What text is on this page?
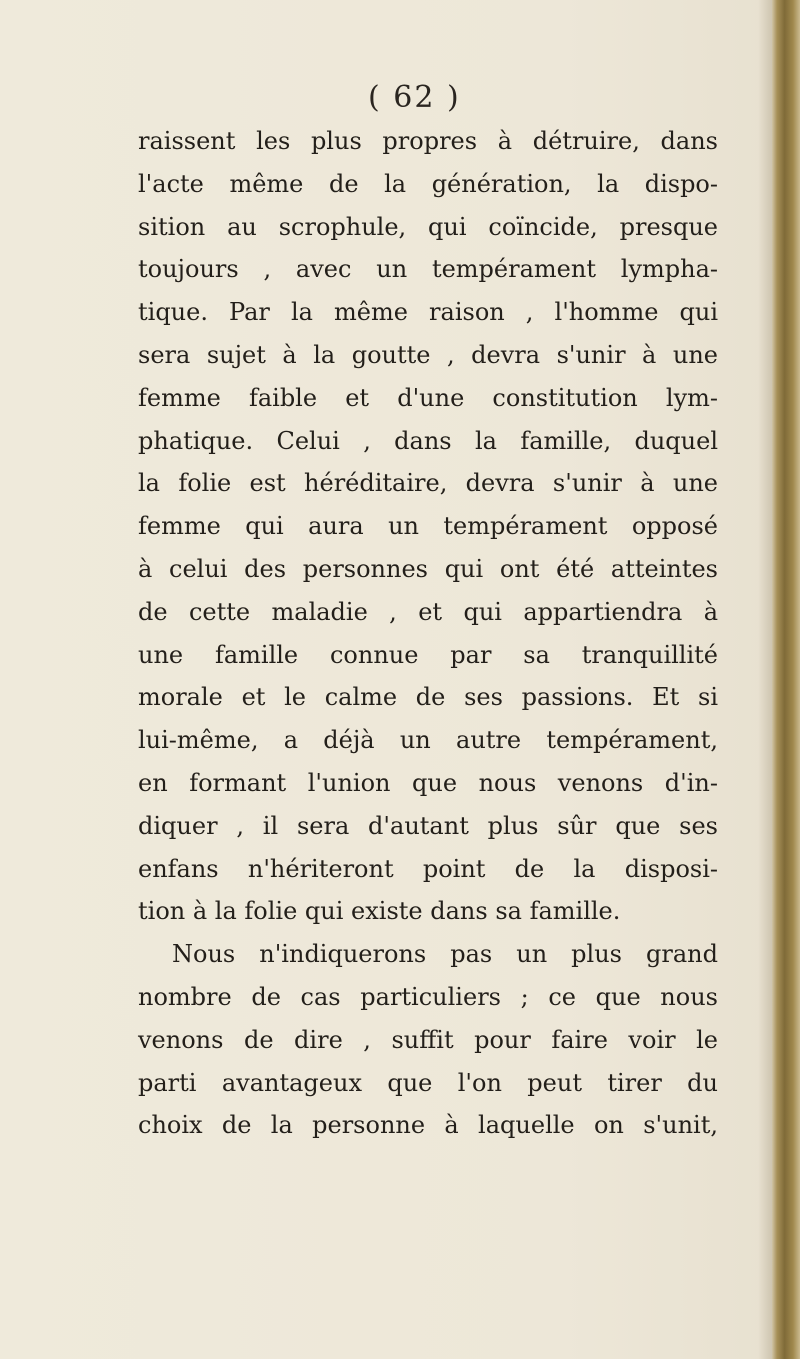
( 62 )
raissent les plus propres à détruire, dans
l'acte même de la génération, la dispo-
sition au scrophule, qui coïncide, presque
toujours , avec un tempérament lympha-
tique. Par la même raison , l'homme qui
sera sujet à la goutte , devra s'unir à une
femme faible et d'une constitution lym-
phatique. Celui , dans la famille, duquel
la folie est héréditaire, devra s'unir à une
femme qui aura un tempérament opposé
à celui des personnes qui ont été atteintes
de cette maladie , et qui appartiendra à
une famille connue par sa tranquillité
morale et le calme de ses passions. Et si
lui-même, a déjà un autre tempérament,
en formant l'union que nous venons d'in-
diquer , il sera d'autant plus sûr que ses
enfans n'hériteront point de la disposi-
tion à la folie qui existe dans sa famille.
Nous n'indiquerons pas un plus grand
nombre de cas particuliers ; ce que nous
venons de dire , suffit pour faire voir le
parti avantageux que l'on peut tirer du
choix de la personne à laquelle on s'unit,
